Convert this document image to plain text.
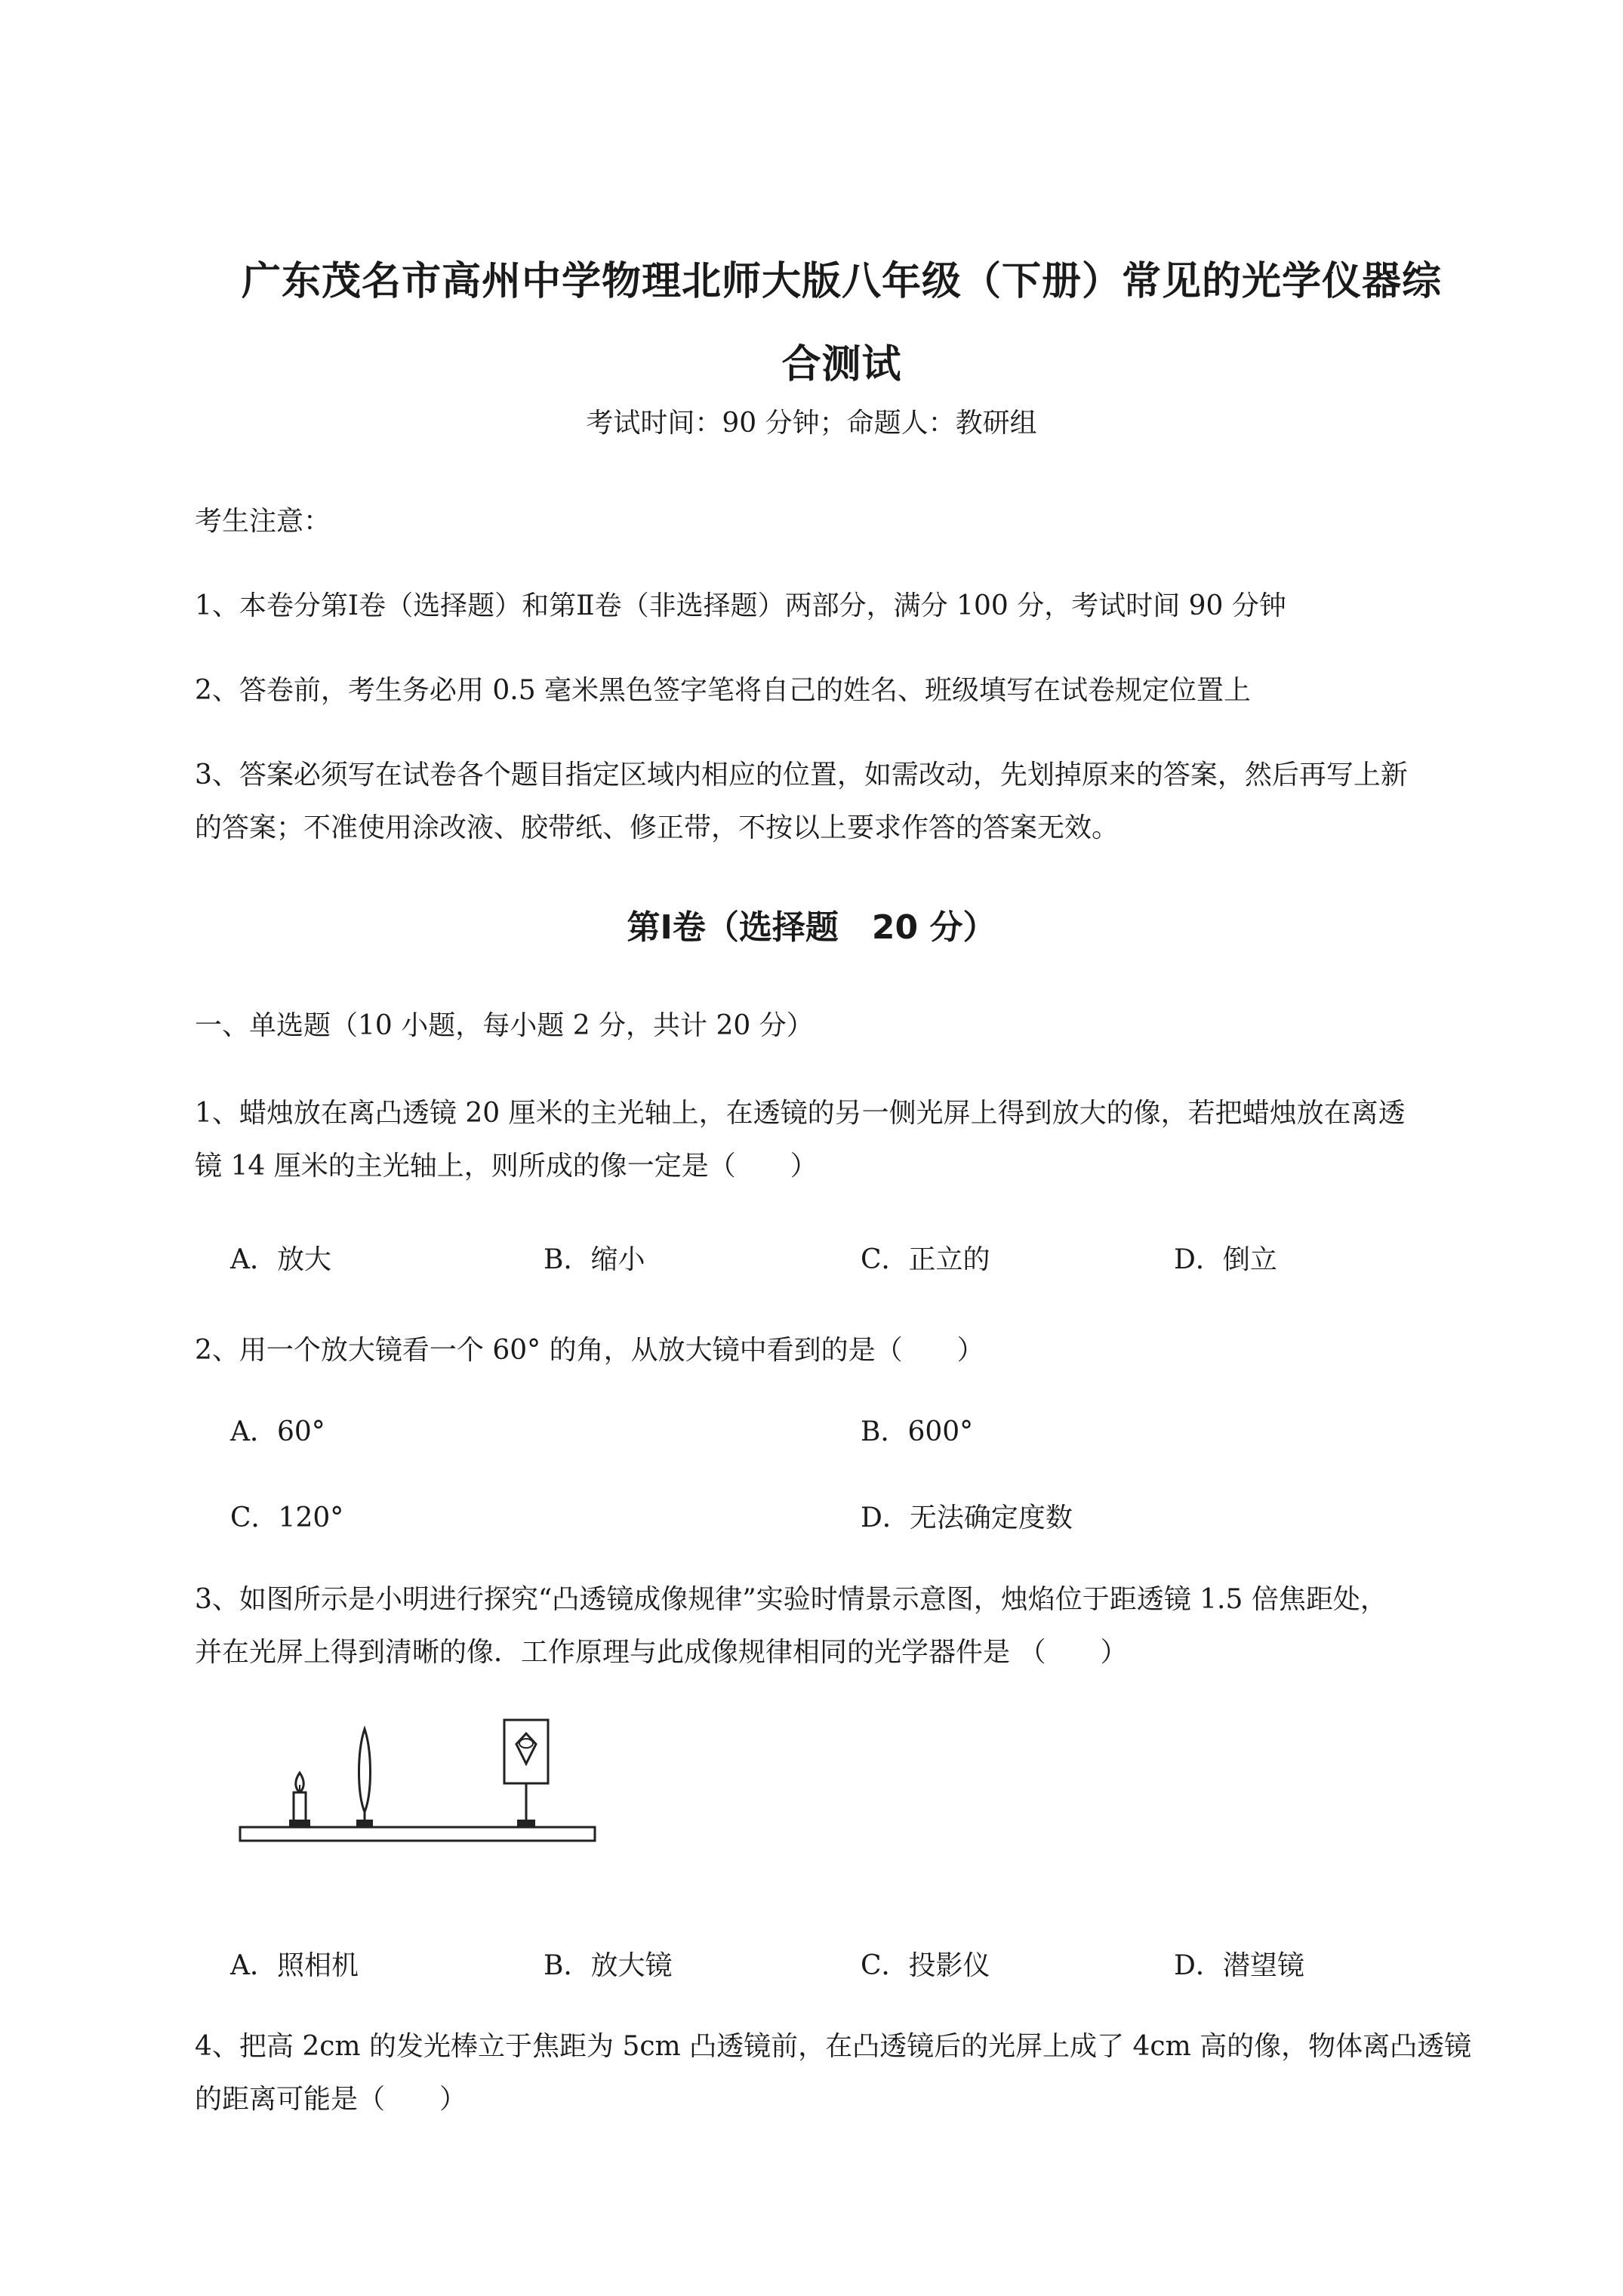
广东茂名市高州中学物理北师大版八年级（下册）常见的光学仪器综
合测试
考试时间：90 分钟；命题人：教研组
考生注意：
1、本卷分第Ⅰ卷（选择题）和第Ⅱ卷（非选择题）两部分，满分 100 分，考试时间 90 分钟
2、答卷前，考生务必用 0.5 毫米黑色签字笔将自己的姓名、班级填写在试卷规定位置上
3、答案必须写在试卷各个题目指定区域内相应的位置，如需改动，先划掉原来的答案，然后再写上新
的答案；不准使用涂改液、胶带纸、修正带，不按以上要求作答的答案无效。
第Ⅰ卷（选择题　20 分）
一、单选题（10 小题，每小题 2 分，共计 20 分）
1、蜡烛放在离凸透镜 20 厘米的主光轴上，在透镜的另一侧光屏上得到放大的像，若把蜡烛放在离透
镜 14 厘米的主光轴上，则所成的像一定是（　　）
A．放大	B．缩小	C．正立的	D．倒立
2、用一个放大镜看一个 60° 的角，从放大镜中看到的是（　　）
A．60°	B．600°
C．120°	D．无法确定度数
3、如图所示是小明进行探究“凸透镜成像规律”实验时情景示意图，烛焰位于距透镜 1.5 倍焦距处，
并在光屏上得到清晰的像．工作原理与此成像规律相同的光学器件是 （　　）
A．照相机	B．放大镜	C．投影仪	D．潜望镜
4、把高 2cm 的发光棒立于焦距为 5cm 凸透镜前，在凸透镜后的光屏上成了 4cm 高的像，物体离凸透镜
的距离可能是（　　）
